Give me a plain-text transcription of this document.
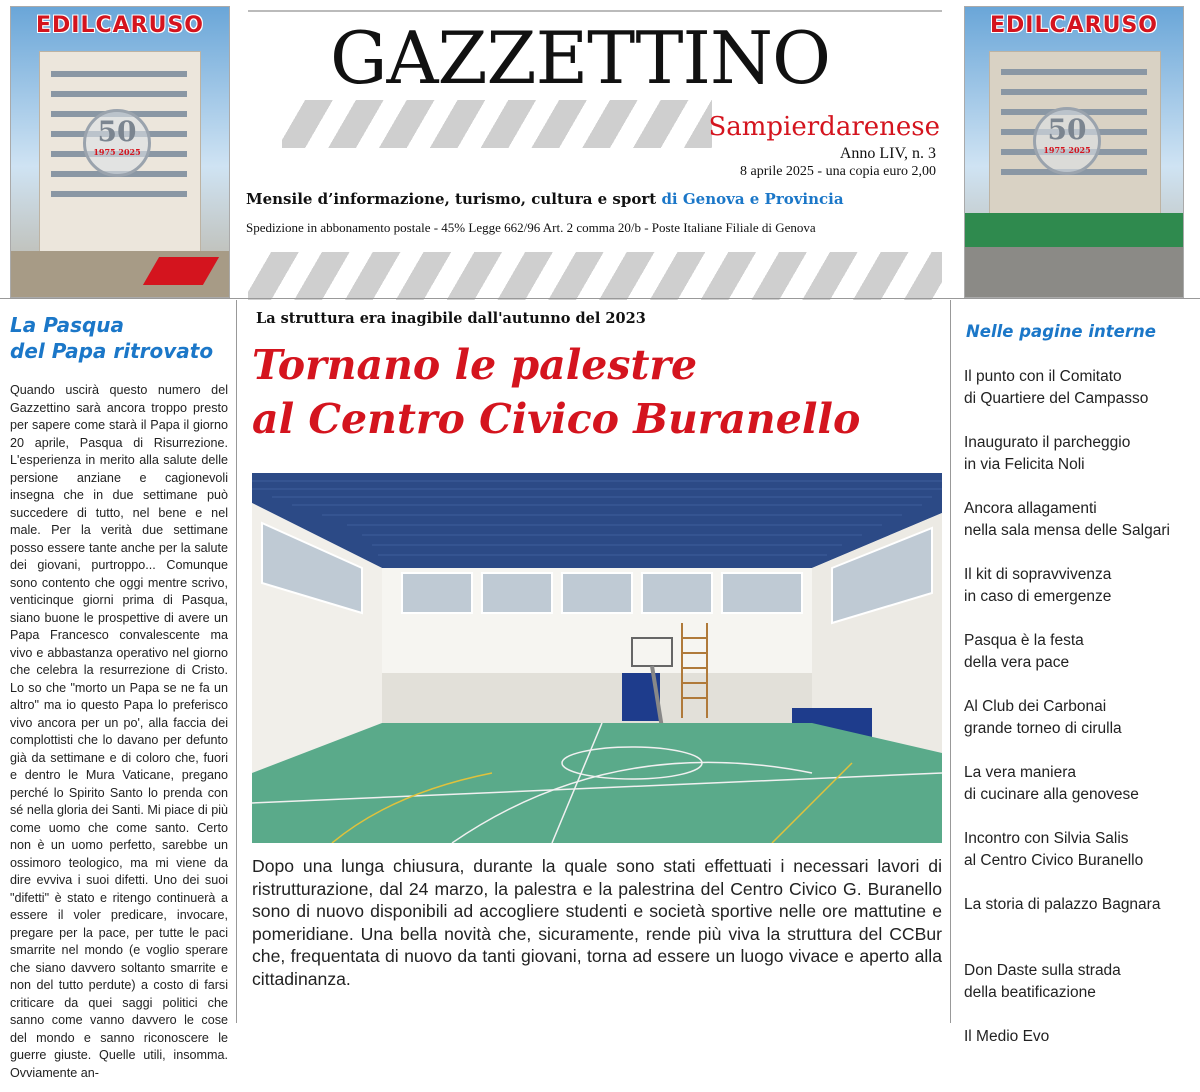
50
1975 2025
EDILCARUSO
50
1975 2025
EDILCARUSO
GAZZETTINO
Sampierdarenese
Anno LIV, n. 3
8 aprile 2025 - una copia euro 2,00
Mensile d’informazione, turismo, cultura e sport di Genova e Provincia
Spedizione in abbonamento postale - 45% Legge 662/96 Art. 2 comma 20/b - Poste Italiane Filiale di Genova
La Pasqua
del Papa ritrovato
Quando uscirà questo numero del Gazzettino sarà ancora troppo presto per sapere come starà il Papa il giorno 20 aprile, Pasqua di Risurrezione. L'esperienza in merito alla salute delle persione anziane e cagionevoli insegna che in due settimane può succedere di tutto, nel bene e nel male. Per la verità due settimane posso essere tante anche per la salute dei giovani, purtroppo... Comunque sono contento che oggi mentre scrivo, venticinque giorni prima di Pasqua, siano buone le prospettive di avere un Papa Francesco convalescente ma vivo e abbastanza operativo nel giorno che celebra la resurrezione di Cristo. Lo so che "morto un Papa se ne fa un altro" ma io questo Papa lo preferisco vivo ancora per un po', alla faccia dei complottisti che lo davano per defunto già da settimane e di coloro che, fuori e dentro le Mura Vaticane, pregano perché lo Spirito Santo lo prenda con sé nella gloria dei Santi. Mi piace di più come uomo che come santo. Certo non è un uomo perfetto, sarebbe un ossimoro teologico, ma mi viene da dire evviva i suoi difetti. Uno dei suoi "difetti" è stato e ritengo continuerà a essere il voler predicare, invocare, pregare per la pace, per tutte le paci smarrite nel mondo (e voglio sperare che siano davvero soltanto smarrite e non del tutto perdute) a costo di farsi criticare da quei saggi politici che sanno come vanno davvero le cose del mondo e sanno riconoscere le guerre giuste. Quelle utili, insomma. Ovviamente an-
La struttura era inagibile dall'autunno del 2023
Tornano le palestre
al Centro Civico Buranello
Dopo una lunga chiusura, durante la quale sono stati effettuati i necessari lavori di ristrutturazione, dal 24 marzo, la palestra e la palestrina del Centro Civico G. Buranello sono di nuovo disponibili ad accogliere studenti e società sportive nelle ore mattutine e pomeridiane. Una bella novità che, sicuramente, rende più viva la struttura del CCBur che, frequentata di nuovo da tanti giovani, torna ad essere un luogo vivace e aperto alla cittadinanza.
Nelle pagine interne
Il punto con il Comitato
di Quartiere del Campasso
Inaugurato il parcheggio
in via Felicita Noli
Ancora allagamenti
nella sala mensa delle Salgari
Il kit di sopravvivenza
in caso di emergenze
Pasqua è la festa
della vera pace
Al Club dei Carbonai
grande torneo di cirulla
La vera maniera
di cucinare alla genovese
Incontro con Silvia Salis
al Centro Civico Buranello
La storia di palazzo Bagnara
Don Daste sulla strada
della beatificazione
Il Medio Evo
